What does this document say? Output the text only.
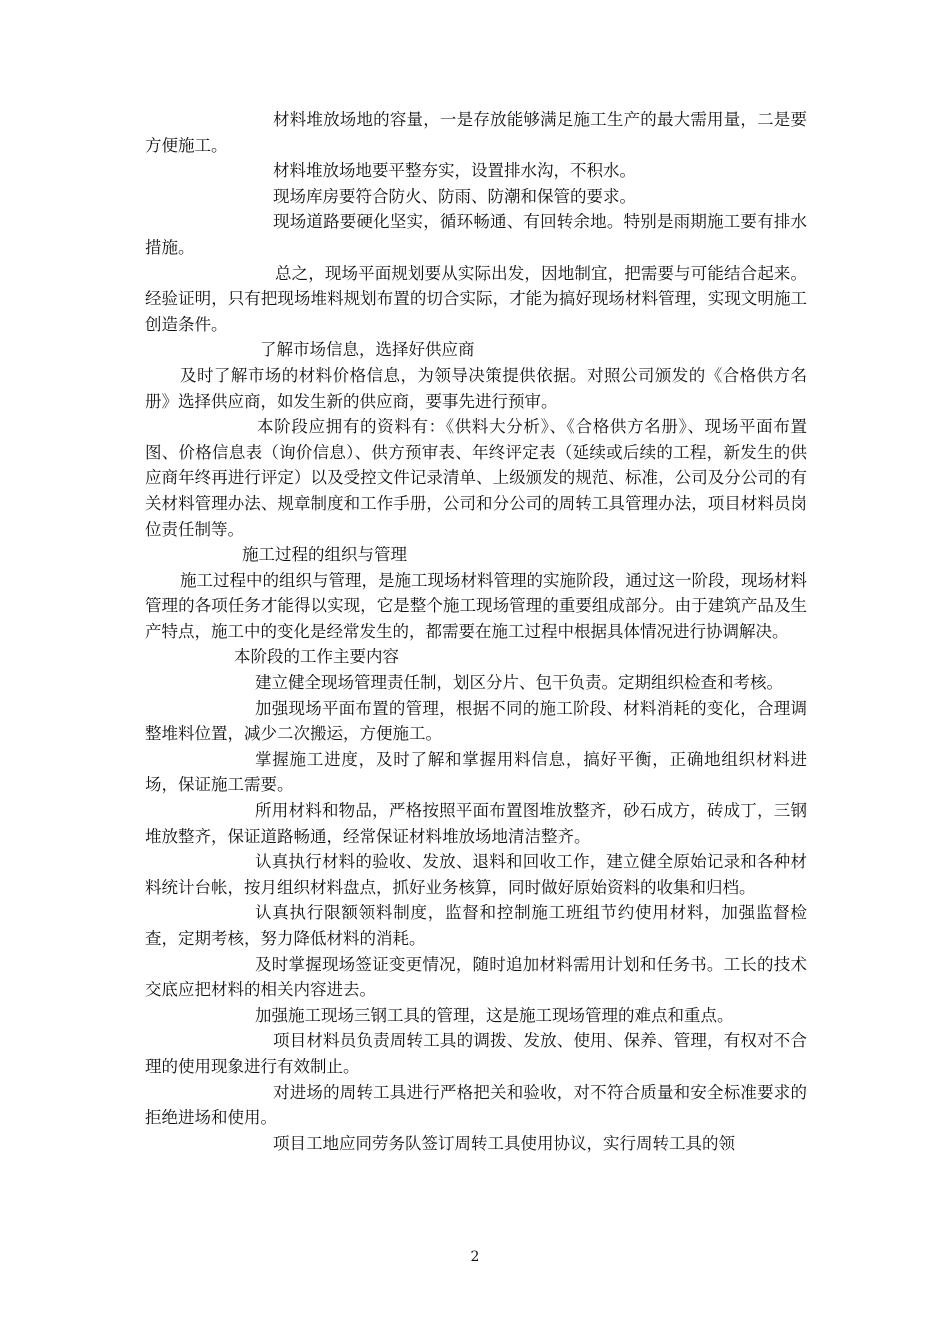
材料堆放场地的容量，一是存放能够满足施工生产的最大需用量，二是要方便施工。

材料堆放场地要平整夯实，设置排水沟，不积水。

现场库房要符合防火、防雨、防潮和保管的要求。

现场道路要硬化坚实，循环畅通、有回转余地。特别是雨期施工要有排水措施。

总之，现场平面规划要从实际出发，因地制宜，把需要与可能结合起来。经验证明，只有把现场堆料规划布置的切合实际，才能为搞好现场材料管理，实现文明施工创造条件。

了解市场信息，选择好供应商

及时了解市场的材料价格信息，为领导决策提供依据。对照公司颁发的《合格供方名册》选择供应商，如发生新的供应商，要事先进行预审。

本阶段应拥有的资料有：《供料大分析》、《合格供方名册》、现场平面布置图、价格信息表（询价信息）、供方预审表、年终评定表（延续或后续的工程，新发生的供应商年终再进行评定）以及受控文件记录清单、上级颁发的规范、标准，公司及分公司的有关材料管理办法、规章制度和工作手册，公司和分公司的周转工具管理办法，项目材料员岗位责任制等。

施工过程的组织与管理

施工过程中的组织与管理，是施工现场材料管理的实施阶段，通过这一阶段，现场材料管理的各项任务才能得以实现，它是整个施工现场管理的重要组成部分。由于建筑产品及生产特点，施工中的变化是经常发生的，都需要在施工过程中根据具体情况进行协调解决。

本阶段的工作主要内容

建立健全现场管理责任制，划区分片、包干负责。定期组织检查和考核。

加强现场平面布置的管理，根据不同的施工阶段、材料消耗的变化，合理调整堆料位置，减少二次搬运，方便施工。

掌握施工进度，及时了解和掌握用料信息，搞好平衡，正确地组织材料进场，保证施工需要。

所用材料和物品，严格按照平面布置图堆放整齐，砂石成方，砖成丁，三钢堆放整齐，保证道路畅通，经常保证材料堆放场地清洁整齐。

认真执行材料的验收、发放、退料和回收工作，建立健全原始记录和各种材料统计台帐，按月组织材料盘点，抓好业务核算，同时做好原始资料的收集和归档。

认真执行限额领料制度，监督和控制施工班组节约使用材料，加强监督检查，定期考核，努力降低材料的消耗。

及时掌握现场签证变更情况，随时追加材料需用计划和任务书。工长的技术交底应把材料的相关内容进去。

加强施工现场三钢工具的管理，这是施工现场管理的难点和重点。

项目材料员负责周转工具的调拨、发放、使用、保养、管理，有权对不合理的使用现象进行有效制止。

对进场的周转工具进行严格把关和验收，对不符合质量和安全标准要求的拒绝进场和使用。

项目工地应同劳务队签订周转工具使用协议，实行周转工具的领

2
